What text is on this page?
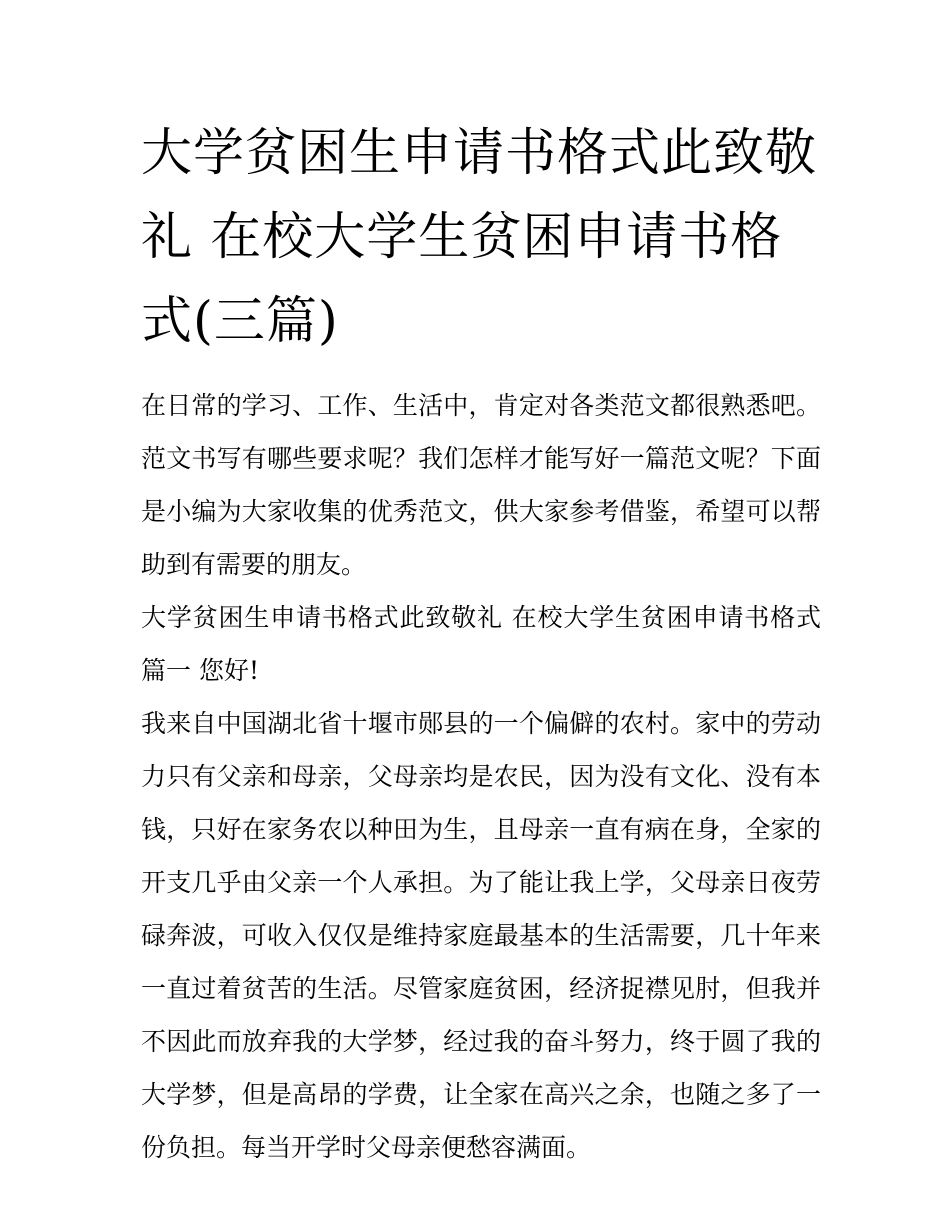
大学贫困生申请书格式此致敬礼 在校大学生贫困申请书格式(三篇)

在日常的学习、工作、生活中，肯定对各类范文都很熟悉吧。范文书写有哪些要求呢？我们怎样才能写好一篇范文呢？下面是小编为大家收集的优秀范文，供大家参考借鉴，希望可以帮助到有需要的朋友。

大学贫困生申请书格式此致敬礼 在校大学生贫困申请书格式篇一 您好!

我来自中国湖北省十堰市郧县的一个偏僻的农村。家中的劳动力只有父亲和母亲，父母亲均是农民，因为没有文化、没有本钱，只好在家务农以种田为生，且母亲一直有病在身，全家的开支几乎由父亲一个人承担。为了能让我上学，父母亲日夜劳碌奔波，可收入仅仅是维持家庭最基本的生活需要，几十年来一直过着贫苦的生活。尽管家庭贫困，经济捉襟见肘，但我并不因此而放弃我的大学梦，经过我的奋斗努力，终于圆了我的大学梦，但是高昂的学费，让全家在高兴之余，也随之多了一份负担。每当开学时父母亲便愁容满面。
